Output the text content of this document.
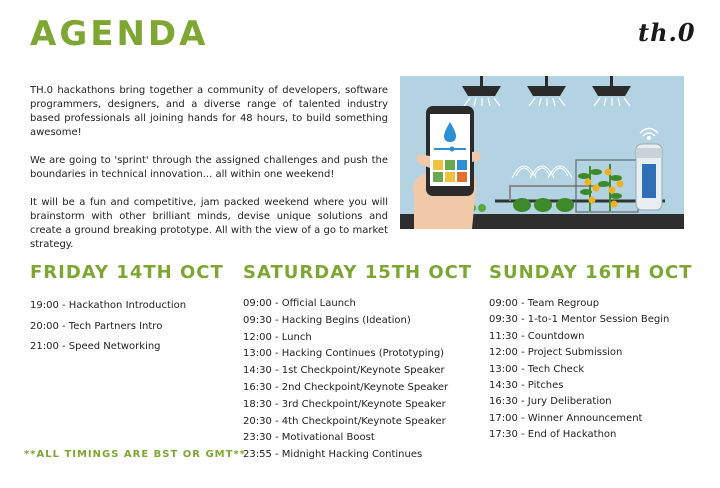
AGENDA	th.0

TH.0 hackathons bring together a community of developers, software programmers, designers, and a diverse range of talented industry based professionals all joining hands for 48 hours, to build something awesome!

We are going to 'sprint' through the assigned challenges and push the boundaries in technical innovation... all within one weekend!

It will be a fun and competitive, jam packed weekend where you will brainstorm with other brilliant minds, devise unique solutions and create a ground breaking prototype. All with the view of a go to market strategy.

FRIDAY 14TH OCT SATURDAY 15TH OCT SUNDAY 16TH OCT
19:00 - Hackathon Introduction
20:00 - Tech Partners Intro
21:00 - Speed Networking
09:00 - Official Launch
09:30 - Hacking Begins (Ideation)
12:00 - Lunch
13:00 - Hacking Continues (Prototyping)
14:30 - 1st Checkpoint/Keynote Speaker
16:30 - 2nd Checkpoint/Keynote Speaker
18:30 - 3rd Checkpoint/Keynote Speaker
20:30 - 4th Checkpoint/Keynote Speaker
23:30 - Motivational Boost
23:55 - Midnight Hacking Continues
09:00 - Team Regroup
09:30 - 1-to-1 Mentor Session Begin
11:30 - Countdown
12:00 - Project Submission
13:00 - Tech Check
14:30 - Pitches
16:30 - Jury Deliberation
17:00 - Winner Announcement
17:30 - End of Hackathon
**ALL TIMINGS ARE BST OR GMT**
